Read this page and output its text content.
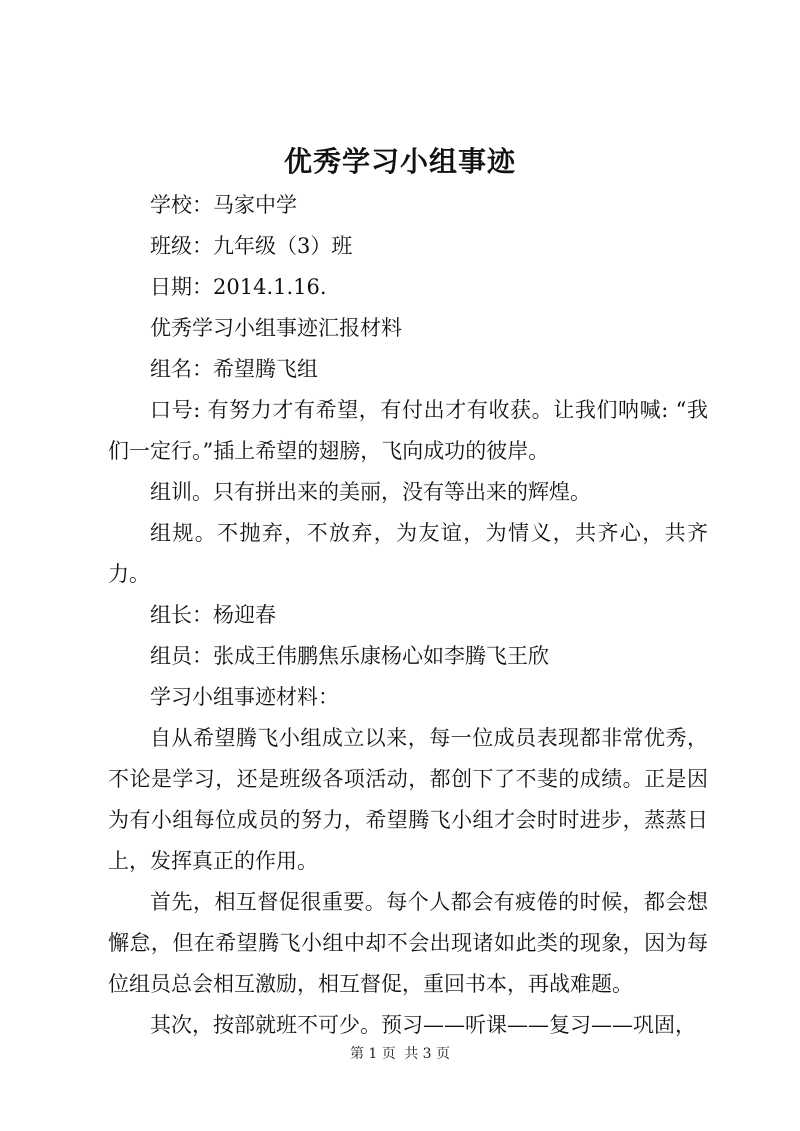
优秀学习小组事迹

学校：马家中学

班级：九年级（3）班

日期：2014.1.16.

优秀学习小组事迹汇报材料

组名：希望腾飞组

口号: 有努力才有希望，有付出才有收获。让我们呐喊: “我们一定行。”插上希望的翅膀，飞向成功的彼岸。

组训。只有拼出来的美丽，没有等出来的辉煌。

组规。不抛弃，不放弃，为友谊，为情义，共齐心，共齐力。

组长：杨迎春

组员：张成王伟鹏焦乐康杨心如李腾飞王欣

学习小组事迹材料：

自从希望腾飞小组成立以来，每一位成员表现都非常优秀，不论是学习，还是班级各项活动，都创下了不斐的成绩。正是因为有小组每位成员的努力，希望腾飞小组才会时时进步，蒸蒸日上，发挥真正的作用。

首先，相互督促很重要。每个人都会有疲倦的时候，都会想懈怠，但在希望腾飞小组中却不会出现诸如此类的现象，因为每位组员总会相互激励，相互督促，重回书本，再战难题。

其次，按部就班不可少。预习——听课——复习——巩固，

第 1 页 共 3 页
